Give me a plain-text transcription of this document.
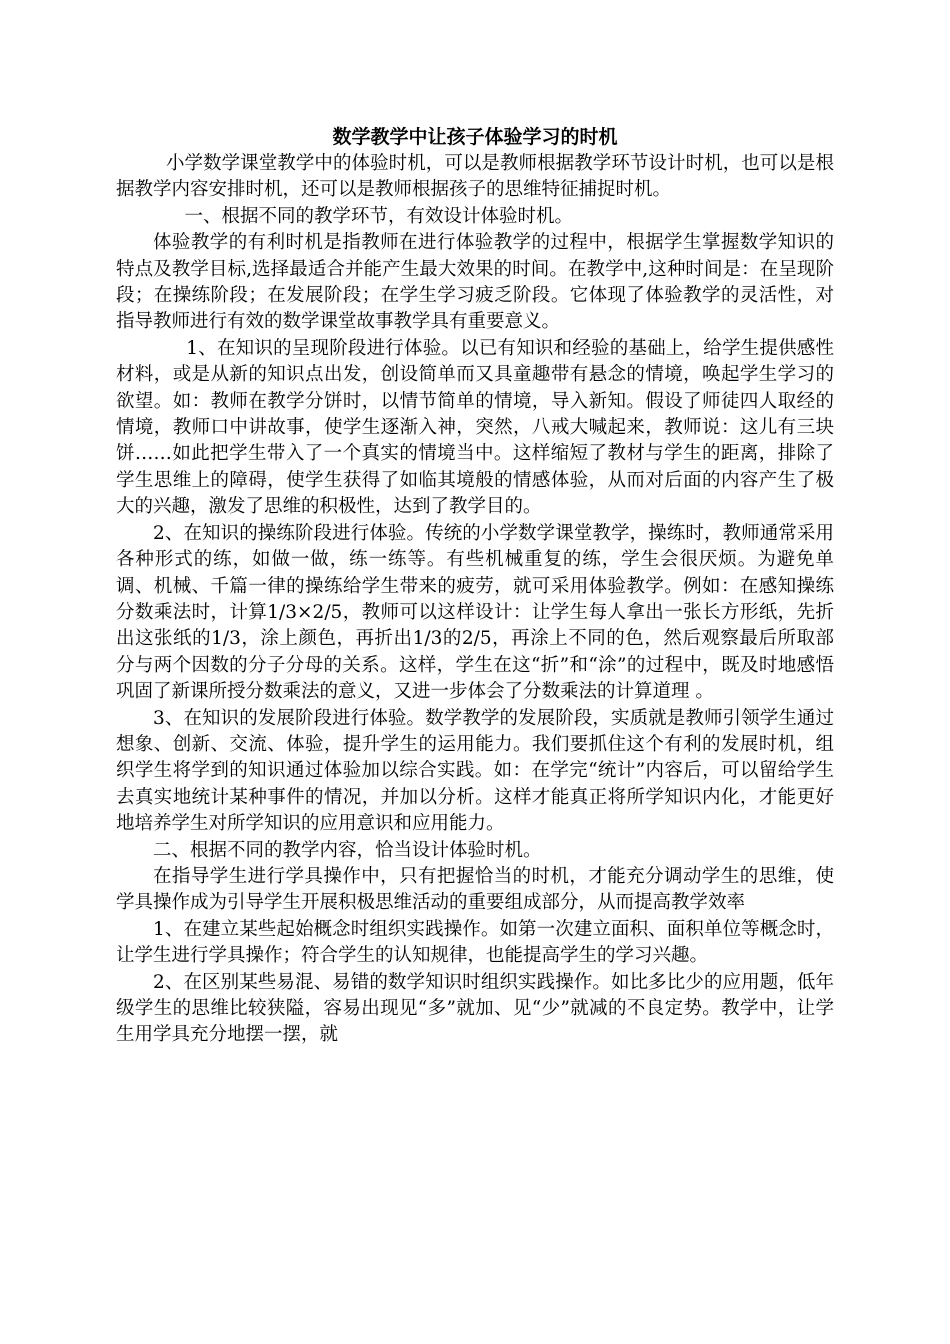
数学教学中让孩子体验学习的时机

小学数学课堂教学中的体验时机，可以是教师根据教学环节设计时机，也可以是根据教学内容安排时机，还可以是教师根据孩子的思维特征捕捉时机。

一、根据不同的教学环节，有效设计体验时机。

体验教学的有利时机是指教师在进行体验教学的过程中，根据学生掌握数学知识的特点及教学目标,选择最适合并能产生最大效果的时间。在教学中,这种时间是：在呈现阶段；在操练阶段；在发展阶段；在学生学习疲乏阶段。它体现了体验教学的灵活性，对指导教师进行有效的数学课堂故事教学具有重要意义。

1、在知识的呈现阶段进行体验。以已有知识和经验的基础上，给学生提供感性材料，或是从新的知识点出发，创设简单而又具童趣带有悬念的情境，唤起学生学习的欲望。如：教师在教学分饼时，以情节简单的情境，导入新知。假设了师徒四人取经的情境，教师口中讲故事，使学生逐渐入神，突然，八戒大喊起来，教师说：这儿有三块饼……如此把学生带入了一个真实的情境当中。这样缩短了教材与学生的距离，排除了学生思维上的障碍，使学生获得了如临其境般的情感体验，从而对后面的内容产生了极大的兴趣，激发了思维的积极性，达到了教学目的。

2、在知识的操练阶段进行体验。传统的小学数学课堂教学，操练时，教师通常采用各种形式的练，如做一做，练一练等。有些机械重复的练，学生会很厌烦。为避免单调、机械、千篇一律的操练给学生带来的疲劳，就可采用体验教学。例如：在感知操练分数乘法时，计算1/3×2/5，教师可以这样设计：让学生每人拿出一张长方形纸，先折出这张纸的1/3，涂上颜色，再折出1/3的2/5，再涂上不同的色，然后观察最后所取部分与两个因数的分子分母的关系。这样，学生在这“折”和“涂”的过程中，既及时地感悟巩固了新课所授分数乘法的意义，又进一步体会了分数乘法的计算道理 。

3、在知识的发展阶段进行体验。数学教学的发展阶段，实质就是教师引领学生通过想象、创新、交流、体验，提升学生的运用能力。我们要抓住这个有利的发展时机，组织学生将学到的知识通过体验加以综合实践。如：在学完“统计”内容后，可以留给学生去真实地统计某种事件的情况，并加以分析。这样才能真正将所学知识内化，才能更好地培养学生对所学知识的应用意识和应用能力。

二、根据不同的教学内容，恰当设计体验时机。

在指导学生进行学具操作中，只有把握恰当的时机，才能充分调动学生的思维，使学具操作成为引导学生开展积极思维活动的重要组成部分，从而提高教学效率

1、在建立某些起始概念时组织实践操作。如第一次建立面积、面积单位等概念时，让学生进行学具操作；符合学生的认知规律，也能提高学生的学习兴趣。

2、在区别某些易混、易错的数学知识时组织实践操作。如比多比少的应用题，低年级学生的思维比较狭隘，容易出现见“多”就加、见“少”就减的不良定势。教学中，让学生用学具充分地摆一摆，就
